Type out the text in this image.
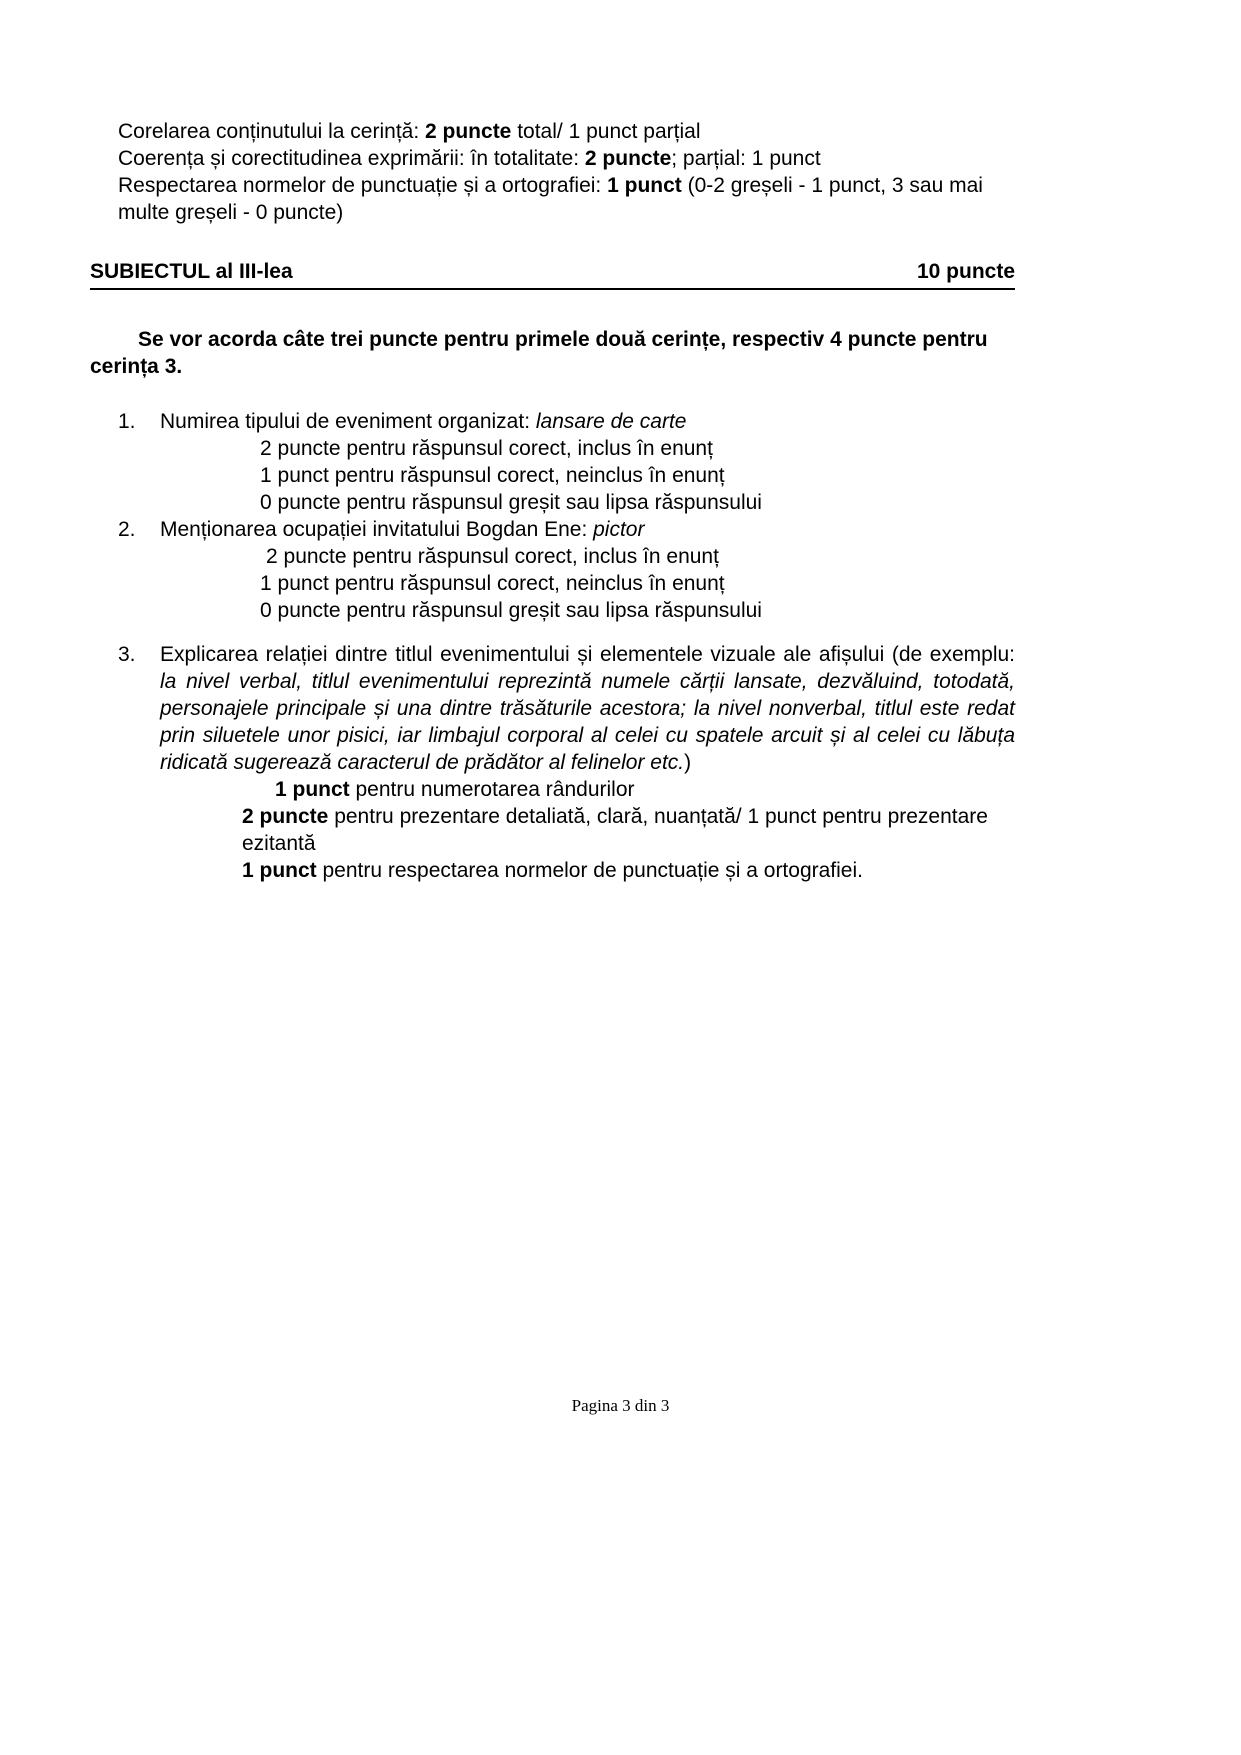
Corelarea conținutului la cerință: 2 puncte total/ 1 punct parțial
Coerența și corectitudinea exprimării: în totalitate: 2 puncte; parțial: 1 punct
Respectarea normelor de punctuație și a ortografiei: 1 punct (0-2 greșeli - 1 punct, 3 sau mai multe greșeli - 0 puncte)
SUBIECTUL al III-lea	10 puncte
Se vor acorda câte trei puncte pentru primele două cerințe, respectiv 4 puncte pentru cerința 3.
1.	Numirea tipului de eveniment organizat: lansare de carte
2 puncte pentru răspunsul corect, inclus în enunț
1 punct pentru răspunsul corect, neinclus în enunț
0 puncte pentru răspunsul greșit sau lipsa răspunsului
2.	Menționarea ocupației invitatului Bogdan Ene: pictor
2 puncte pentru răspunsul corect, inclus în enunț
1 punct pentru răspunsul corect, neinclus în enunț
0 puncte pentru răspunsul greșit sau lipsa răspunsului
3.	Explicarea relației dintre titlul evenimentului și elementele vizuale ale afișului (de exemplu: la nivel verbal, titlul evenimentului reprezintă numele cărții lansate, dezvăluind, totodată, personajele principale și una dintre trăsăturile acestora; la nivel nonverbal, titlul este redat prin siluetele unor pisici, iar limbajul corporal al celei cu spatele arcuit și al celei cu lăbuța ridicată sugerează caracterul de prădător al felinelor etc.)

1 punct pentru numerotarea rândurilor
2 puncte pentru prezentare detaliată, clară, nuanțată/ 1 punct pentru prezentare ezitantă
1 punct pentru respectarea normelor de punctuație și a ortografiei.
Pagina 3 din 3
